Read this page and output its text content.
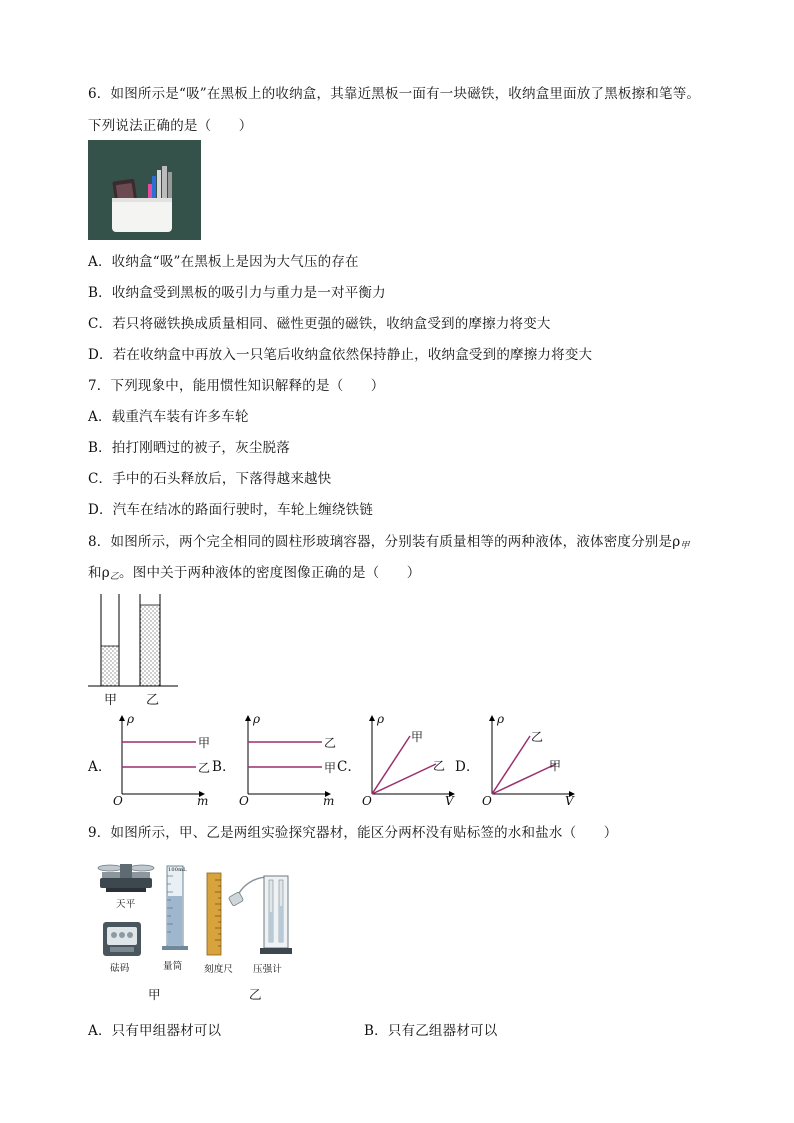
6．如图所示是“吸”在黑板上的收纳盒，其靠近黑板一面有一块磁铁，收纳盒里面放了黑板擦和笔等。
下列说法正确的是（　　）
A．收纳盒“吸”在黑板上是因为大气压的存在
B．收纳盒受到黑板的吸引力与重力是一对平衡力
C．若只将磁铁换成质量相同、磁性更强的磁铁，收纳盒受到的摩擦力将变大
D．若在收纳盒中再放入一只笔后收纳盒依然保持静止，收纳盒受到的摩擦力将变大
7．下列现象中，能用惯性知识解释的是（　　）
A．载重汽车装有许多车轮
B．拍打刚晒过的被子，灰尘脱落
C．手中的石头释放后，下落得越来越快
D．汽车在结冰的路面行驶时，车轮上缠绕铁链
8．如图所示，两个完全相同的圆柱形玻璃容器，分别装有质量相等的两种液体，液体密度分别是$\rho_甲$
和$\rho_乙$。图中关于两种液体的密度图像正确的是（　　）
甲 乙
A．
ρ
O	m
甲
乙 B．
ρ
O	m
乙
甲 C．
ρ
O	V
甲
乙 D．
ρ
O	V
乙
甲
9．如图所示，甲、乙是两组实验探究器材，能区分两杯没有贴标签的水和盐水（　　）
天平
砝码
100mL
量筒 刻度尺 压强计
甲	乙
A．只有甲组器材可以	B．只有乙组器材可以
